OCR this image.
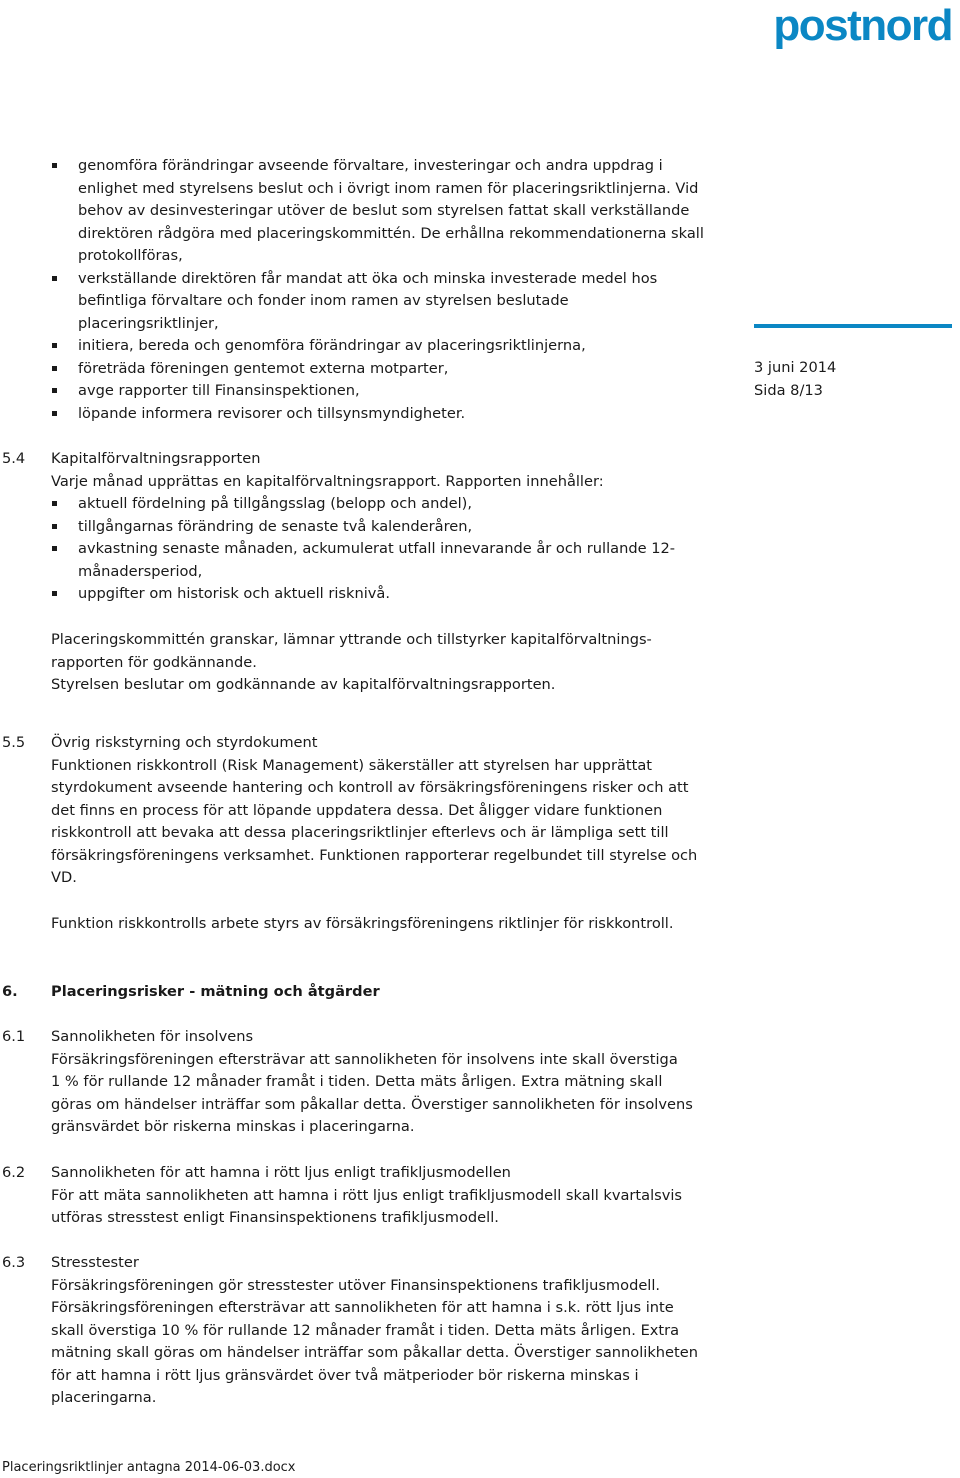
postnord
3 juni 2014
Sida 8/13
genomföra förändringar avseende förvaltare, investeringar och andra uppdrag i
enlighet med styrelsens beslut och i övrigt inom ramen för placeringsriktlinjerna. Vid
behov av desinvesteringar utöver de beslut som styrelsen fattat skall verkställande
direktören rådgöra med placeringskommittén. De erhållna rekommendationerna skall
protokollföras,
verkställande direktören får mandat att öka och minska investerade medel hos
befintliga förvaltare och fonder inom ramen av styrelsen beslutade
placeringsriktlinjer,
initiera, bereda och genomföra förändringar av placeringsriktlinjerna,
företräda föreningen gentemot externa motparter,
avge rapporter till Finansinspektionen,
löpande informera revisorer och tillsynsmyndigheter.
5.4 Kapitalförvaltningsrapporten
Varje månad upprättas en kapitalförvaltningsrapport. Rapporten innehåller:
aktuell fördelning på tillgångsslag (belopp och andel),
tillgångarnas förändring de senaste två kalenderåren,
avkastning senaste månaden, ackumulerat utfall innevarande år och rullande 12-
månadersperiod,
uppgifter om historisk och aktuell risknivå.
Placeringskommittén granskar, lämnar yttrande och tillstyrker kapitalförvaltnings-
rapporten för godkännande.
Styrelsen beslutar om godkännande av kapitalförvaltningsrapporten.
5.5 Övrig riskstyrning och styrdokument
Funktionen riskkontroll (Risk Management) säkerställer att styrelsen har upprättat
styrdokument avseende hantering och kontroll av försäkringsföreningens risker och att
det finns en process för att löpande uppdatera dessa. Det åligger vidare funktionen
riskkontroll att bevaka att dessa placeringsriktlinjer efterlevs och är lämpliga sett till
försäkringsföreningens verksamhet. Funktionen rapporterar regelbundet till styrelse och
VD.
Funktion riskkontrolls arbete styrs av försäkringsföreningens riktlinjer för riskkontroll.
6. Placeringsrisker - mätning och åtgärder
6.1 Sannolikheten för insolvens
Försäkringsföreningen eftersträvar att sannolikheten för insolvens inte skall överstiga
1 % för rullande 12 månader framåt i tiden. Detta mäts årligen. Extra mätning skall
göras om händelser inträffar som påkallar detta. Överstiger sannolikheten för insolvens
gränsvärdet bör riskerna minskas i placeringarna.
6.2 Sannolikheten för att hamna i rött ljus enligt trafikljusmodellen
För att mäta sannolikheten att hamna i rött ljus enligt trafikljusmodell skall kvartalsvis
utföras stresstest enligt Finansinspektionens trafikljusmodell.
6.3 Stresstester
Försäkringsföreningen gör stresstester utöver Finansinspektionens trafikljusmodell.
Försäkringsföreningen eftersträvar att sannolikheten för att hamna i s.k. rött ljus inte
skall överstiga 10 % för rullande 12 månader framåt i tiden. Detta mäts årligen. Extra
mätning skall göras om händelser inträffar som påkallar detta. Överstiger sannolikheten
för att hamna i rött ljus gränsvärdet över två mätperioder bör riskerna minskas i
placeringarna.
Placeringsriktlinjer antagna 2014-06-03.docx
